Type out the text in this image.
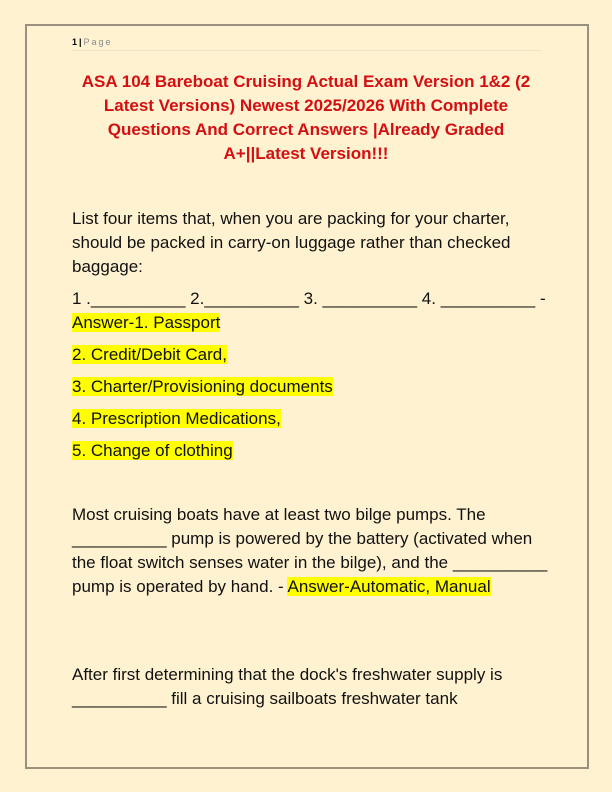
1 | Page
ASA 104 Bareboat Cruising Actual Exam Version 1&2 (2 Latest Versions) Newest 2025/2026 With Complete Questions And Correct Answers |Already Graded A+||Latest Version!!!

List four items that, when you are packing for your charter, should be packed in carry-on luggage rather than checked baggage:

1 .__________ 2.__________ 3. __________ 4. __________ - Answer-1. Passport

2. Credit/Debit Card,

3. Charter/Provisioning documents

4. Prescription Medications,

5. Change of clothing

Most cruising boats have at least two bilge pumps. The __________ pump is powered by the battery (activated when the float switch senses water in the bilge), and the __________ pump is operated by hand. - Answer-Automatic, Manual

After first determining that the dock's freshwater supply is __________ fill a cruising sailboats freshwater tank
